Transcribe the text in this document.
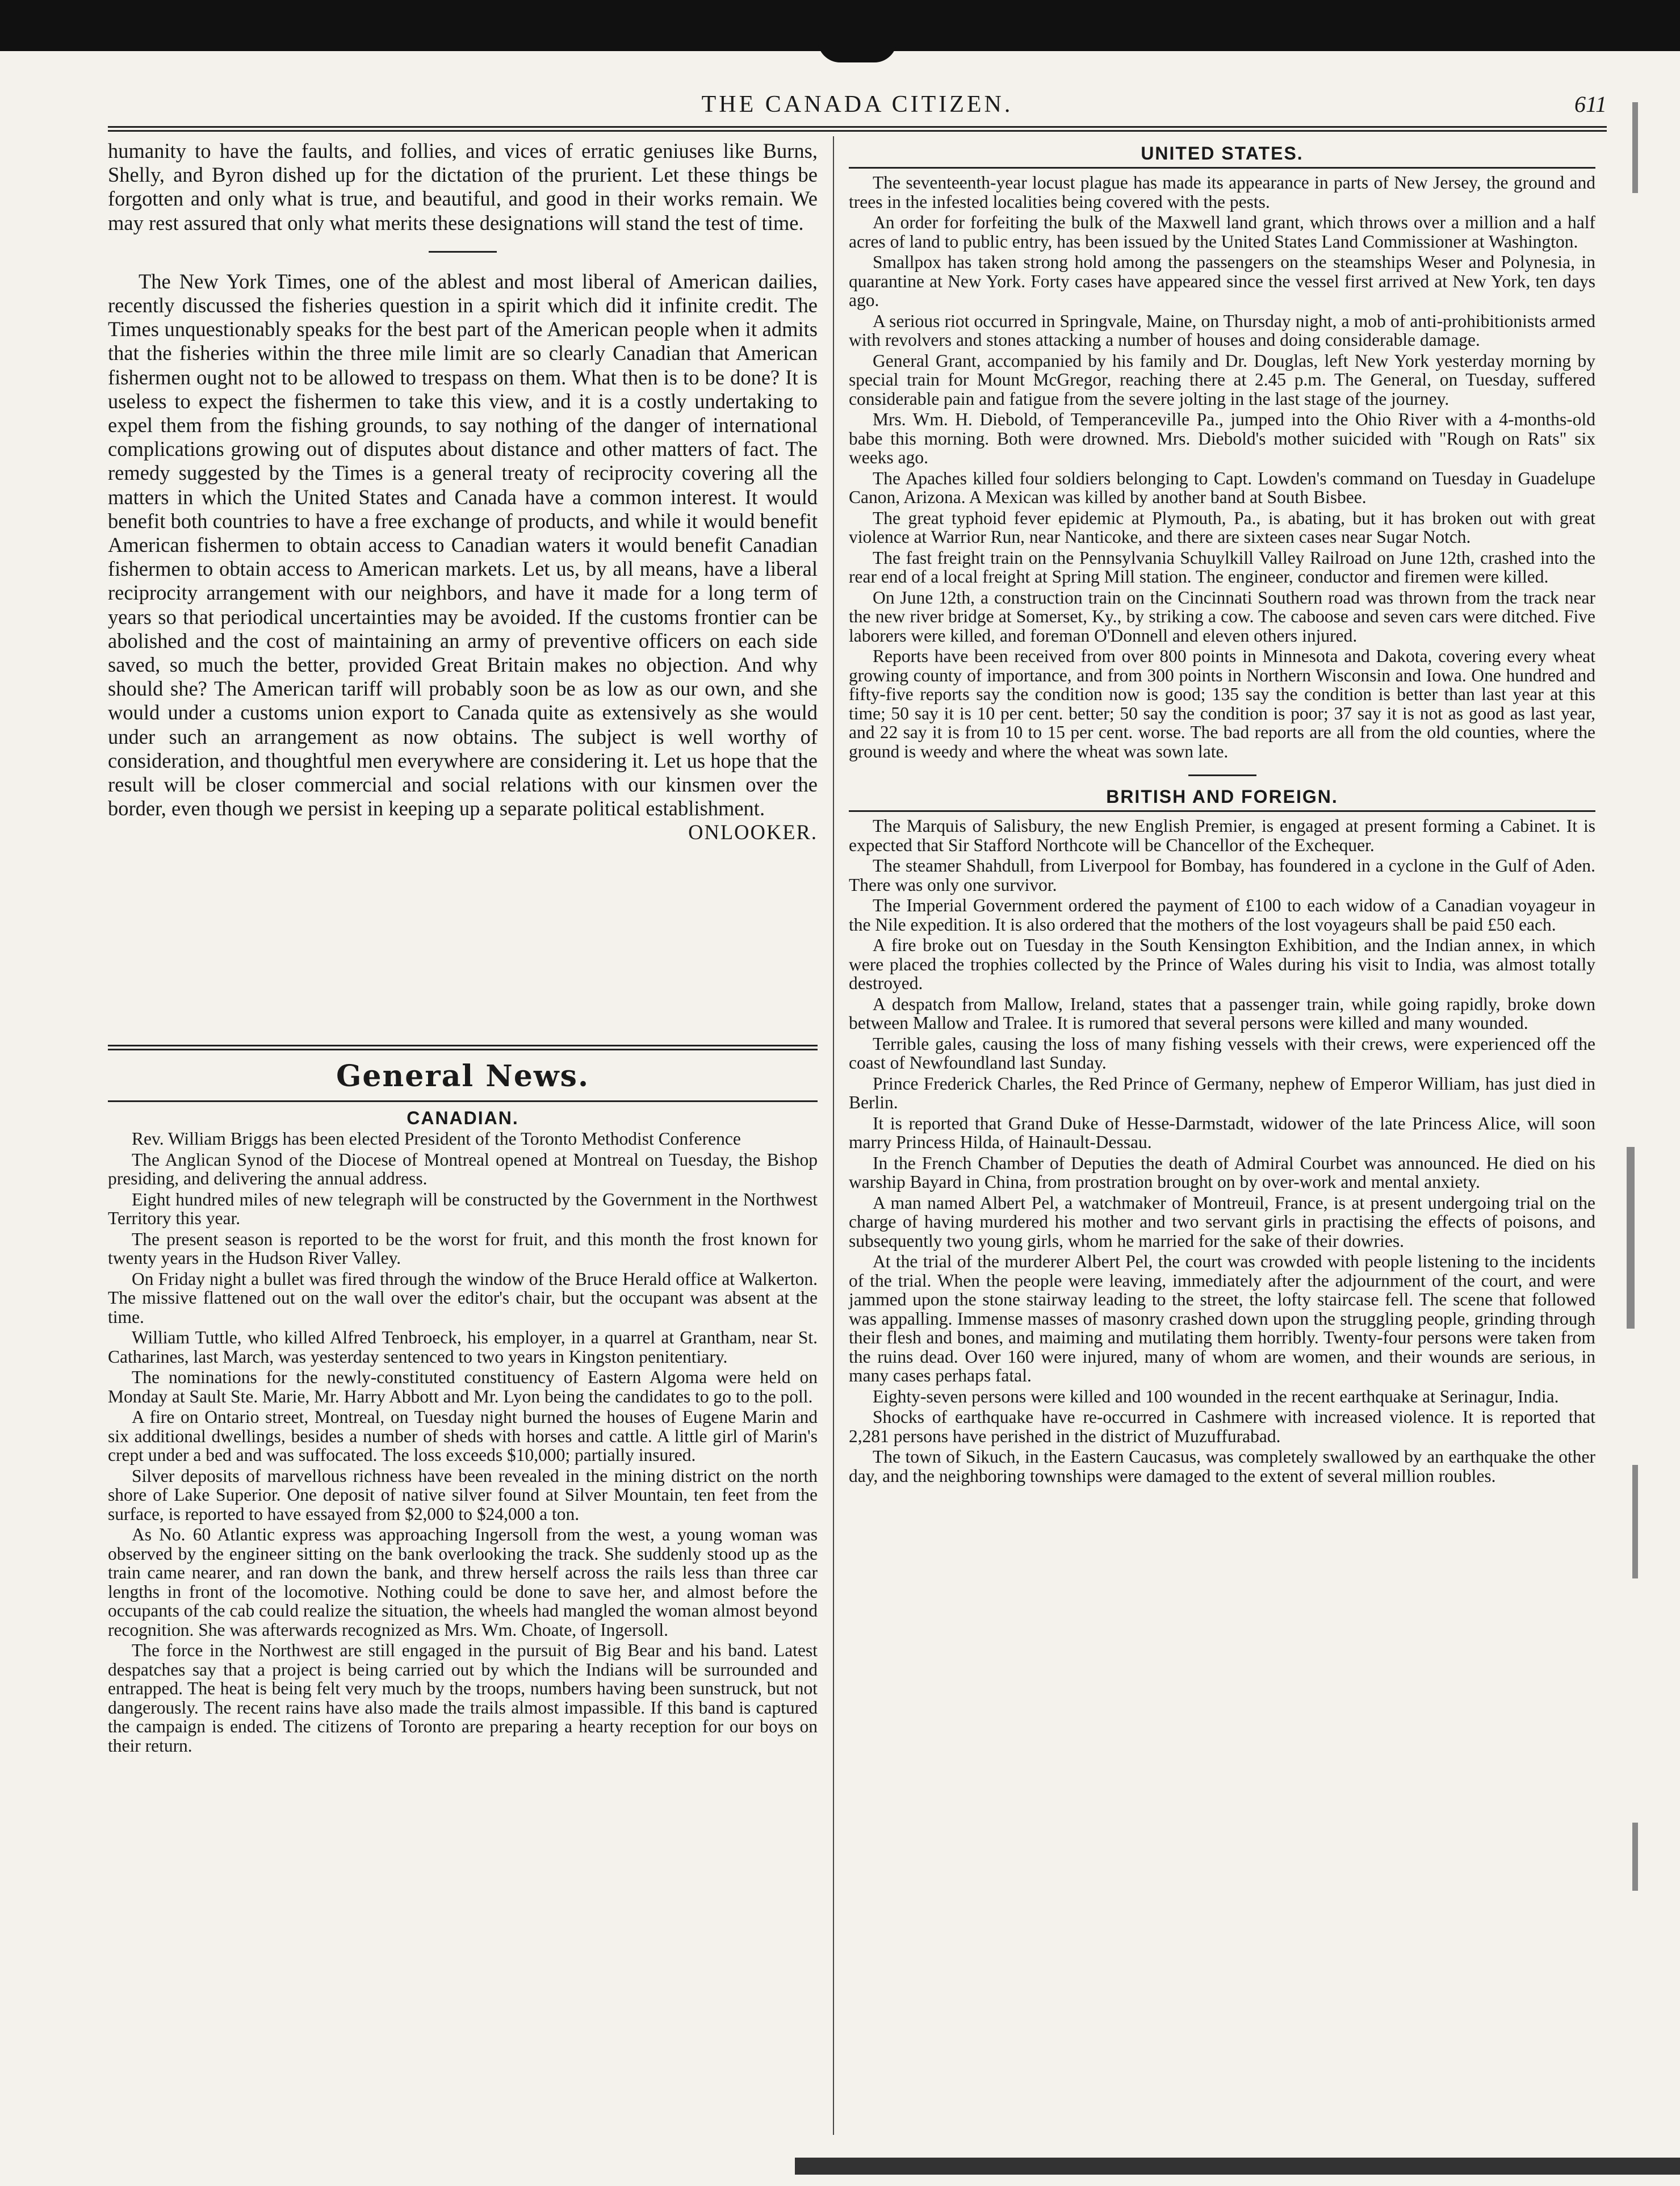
THE CANADA CITIZEN.	611

humanity to have the faults, and follies, and vices of erratic geniuses like Burns, Shelly, and Byron dished up for the dictation of the prurient. Let these things be forgotten and only what is true, and beautiful, and good in their works remain. We may rest assured that only what merits these designations will stand the test of time.

The New York Times, one of the ablest and most liberal of American dailies, recently discussed the fisheries question in a spirit which did it infinite credit. The Times unquestionably speaks for the best part of the American people when it admits that the fisheries within the three mile limit are so clearly Canadian that American fishermen ought not to be allowed to trespass on them. What then is to be done? It is useless to expect the fishermen to take this view, and it is a costly undertaking to expel them from the fishing grounds, to say nothing of the danger of international complications growing out of disputes about distance and other matters of fact. The remedy suggested by the Times is a general treaty of reciprocity covering all the matters in which the United States and Canada have a common interest. It would benefit both countries to have a free exchange of products, and while it would benefit American fishermen to obtain access to Canadian waters it would benefit Canadian fishermen to obtain access to American markets. Let us, by all means, have a liberal reciprocity arrangement with our neighbors, and have it made for a long term of years so that periodical uncertainties may be avoided. If the customs frontier can be abolished and the cost of maintaining an army of preventive officers on each side saved, so much the better, provided Great Britain makes no objection. And why should she? The American tariff will probably soon be as low as our own, and she would under a customs union export to Canada quite as extensively as she would under such an arrangement as now obtains. The subject is well worthy of consideration, and thoughtful men everywhere are considering it. Let us hope that the result will be closer commercial and social relations with our kinsmen over the border, even though we persist in keeping up a separate political establishment.

ONLOOKER.
General News.
CANADIAN.

Rev. William Briggs has been elected President of the Toronto Methodist Conference

The Anglican Synod of the Diocese of Montreal opened at Montreal on Tuesday, the Bishop presiding, and delivering the annual address.

Eight hundred miles of new telegraph will be constructed by the Government in the Northwest Territory this year.

The present season is reported to be the worst for fruit, and this month the frost known for twenty years in the Hudson River Valley.

On Friday night a bullet was fired through the window of the Bruce Herald office at Walkerton. The missive flattened out on the wall over the editor's chair, but the occupant was absent at the time.

William Tuttle, who killed Alfred Tenbroeck, his employer, in a quarrel at Grantham, near St. Catharines, last March, was yesterday sentenced to two years in Kingston penitentiary.

The nominations for the newly-constituted constituency of Eastern Algoma were held on Monday at Sault Ste. Marie, Mr. Harry Abbott and Mr. Lyon being the candidates to go to the poll.

A fire on Ontario street, Montreal, on Tuesday night burned the houses of Eugene Marin and six additional dwellings, besides a number of sheds with horses and cattle. A little girl of Marin's crept under a bed and was suffocated. The loss exceeds $10,000; partially insured.

Silver deposits of marvellous richness have been revealed in the mining district on the north shore of Lake Superior. One deposit of native silver found at Silver Mountain, ten feet from the surface, is reported to have essayed from $2,000 to $24,000 a ton.

As No. 60 Atlantic express was approaching Ingersoll from the west, a young woman was observed by the engineer sitting on the bank overlooking the track. She suddenly stood up as the train came nearer, and ran down the bank, and threw herself across the rails less than three car lengths in front of the locomotive. Nothing could be done to save her, and almost before the occupants of the cab could realize the situation, the wheels had mangled the woman almost beyond recognition. She was afterwards recognized as Mrs. Wm. Choate, of Ingersoll.

The force in the Northwest are still engaged in the pursuit of Big Bear and his band. Latest despatches say that a project is being carried out by which the Indians will be surrounded and entrapped. The heat is being felt very much by the troops, numbers having been sunstruck, but not dangerously. The recent rains have also made the trails almost impassible. If this band is captured the campaign is ended. The citizens of Toronto are preparing a hearty reception for our boys on their return.

UNITED STATES.

The seventeenth-year locust plague has made its appearance in parts of New Jersey, the ground and trees in the infested localities being covered with the pests.

An order for forfeiting the bulk of the Maxwell land grant, which throws over a million and a half acres of land to public entry, has been issued by the United States Land Commissioner at Washington.

Smallpox has taken strong hold among the passengers on the steamships Weser and Polynesia, in quarantine at New York. Forty cases have appeared since the vessel first arrived at New York, ten days ago.

A serious riot occurred in Springvale, Maine, on Thursday night, a mob of anti-prohibitionists armed with revolvers and stones attacking a number of houses and doing considerable damage.

General Grant, accompanied by his family and Dr. Douglas, left New York yesterday morning by special train for Mount McGregor, reaching there at 2.45 p.m. The General, on Tuesday, suffered considerable pain and fatigue from the severe jolting in the last stage of the journey.

Mrs. Wm. H. Diebold, of Temperanceville Pa., jumped into the Ohio River with a 4-months-old babe this morning. Both were drowned. Mrs. Diebold's mother suicided with "Rough on Rats" six weeks ago.

The Apaches killed four soldiers belonging to Capt. Lowden's command on Tuesday in Guadelupe Canon, Arizona. A Mexican was killed by another band at South Bisbee.

The great typhoid fever epidemic at Plymouth, Pa., is abating, but it has broken out with great violence at Warrior Run, near Nanticoke, and there are sixteen cases near Sugar Notch.

The fast freight train on the Pennsylvania Schuylkill Valley Railroad on June 12th, crashed into the rear end of a local freight at Spring Mill station. The engineer, conductor and firemen were killed.

On June 12th, a construction train on the Cincinnati Southern road was thrown from the track near the new river bridge at Somerset, Ky., by striking a cow. The caboose and seven cars were ditched. Five laborers were killed, and foreman O'Donnell and eleven others injured.

Reports have been received from over 800 points in Minnesota and Dakota, covering every wheat growing county of importance, and from 300 points in Northern Wisconsin and Iowa. One hundred and fifty-five reports say the condition now is good; 135 say the condition is better than last year at this time; 50 say it is 10 per cent. better; 50 say the condition is poor; 37 say it is not as good as last year, and 22 say it is from 10 to 15 per cent. worse. The bad reports are all from the old counties, where the ground is weedy and where the wheat was sown late.

BRITISH AND FOREIGN.

The Marquis of Salisbury, the new English Premier, is engaged at present forming a Cabinet. It is expected that Sir Stafford Northcote will be Chancellor of the Exchequer.

The steamer Shahdull, from Liverpool for Bombay, has foundered in a cyclone in the Gulf of Aden. There was only one survivor.

The Imperial Government ordered the payment of £100 to each widow of a Canadian voyageur in the Nile expedition. It is also ordered that the mothers of the lost voyageurs shall be paid £50 each.

A fire broke out on Tuesday in the South Kensington Exhibition, and the Indian annex, in which were placed the trophies collected by the Prince of Wales during his visit to India, was almost totally destroyed.

A despatch from Mallow, Ireland, states that a passenger train, while going rapidly, broke down between Mallow and Tralee. It is rumored that several persons were killed and many wounded.

Terrible gales, causing the loss of many fishing vessels with their crews, were experienced off the coast of Newfoundland last Sunday.

Prince Frederick Charles, the Red Prince of Germany, nephew of Emperor William, has just died in Berlin.

It is reported that Grand Duke of Hesse-Darmstadt, widower of the late Princess Alice, will soon marry Princess Hilda, of Hainault-Dessau.

In the French Chamber of Deputies the death of Admiral Courbet was announced. He died on his warship Bayard in China, from prostration brought on by over-work and mental anxiety.

A man named Albert Pel, a watchmaker of Montreuil, France, is at present undergoing trial on the charge of having murdered his mother and two servant girls in practising the effects of poisons, and subsequently two young girls, whom he married for the sake of their dowries.

At the trial of the murderer Albert Pel, the court was crowded with people listening to the incidents of the trial. When the people were leaving, immediately after the adjournment of the court, and were jammed upon the stone stairway leading to the street, the lofty staircase fell. The scene that followed was appalling. Immense masses of masonry crashed down upon the struggling people, grinding through their flesh and bones, and maiming and mutilating them horribly. Twenty-four persons were taken from the ruins dead. Over 160 were injured, many of whom are women, and their wounds are serious, in many cases perhaps fatal.

Eighty-seven persons were killed and 100 wounded in the recent earthquake at Serinagur, India.

Shocks of earthquake have re-occurred in Cashmere with increased violence. It is reported that 2,281 persons have perished in the district of Muzuffurabad.

The town of Sikuch, in the Eastern Caucasus, was completely swallowed by an earthquake the other day, and the neighboring townships were damaged to the extent of several million roubles.
